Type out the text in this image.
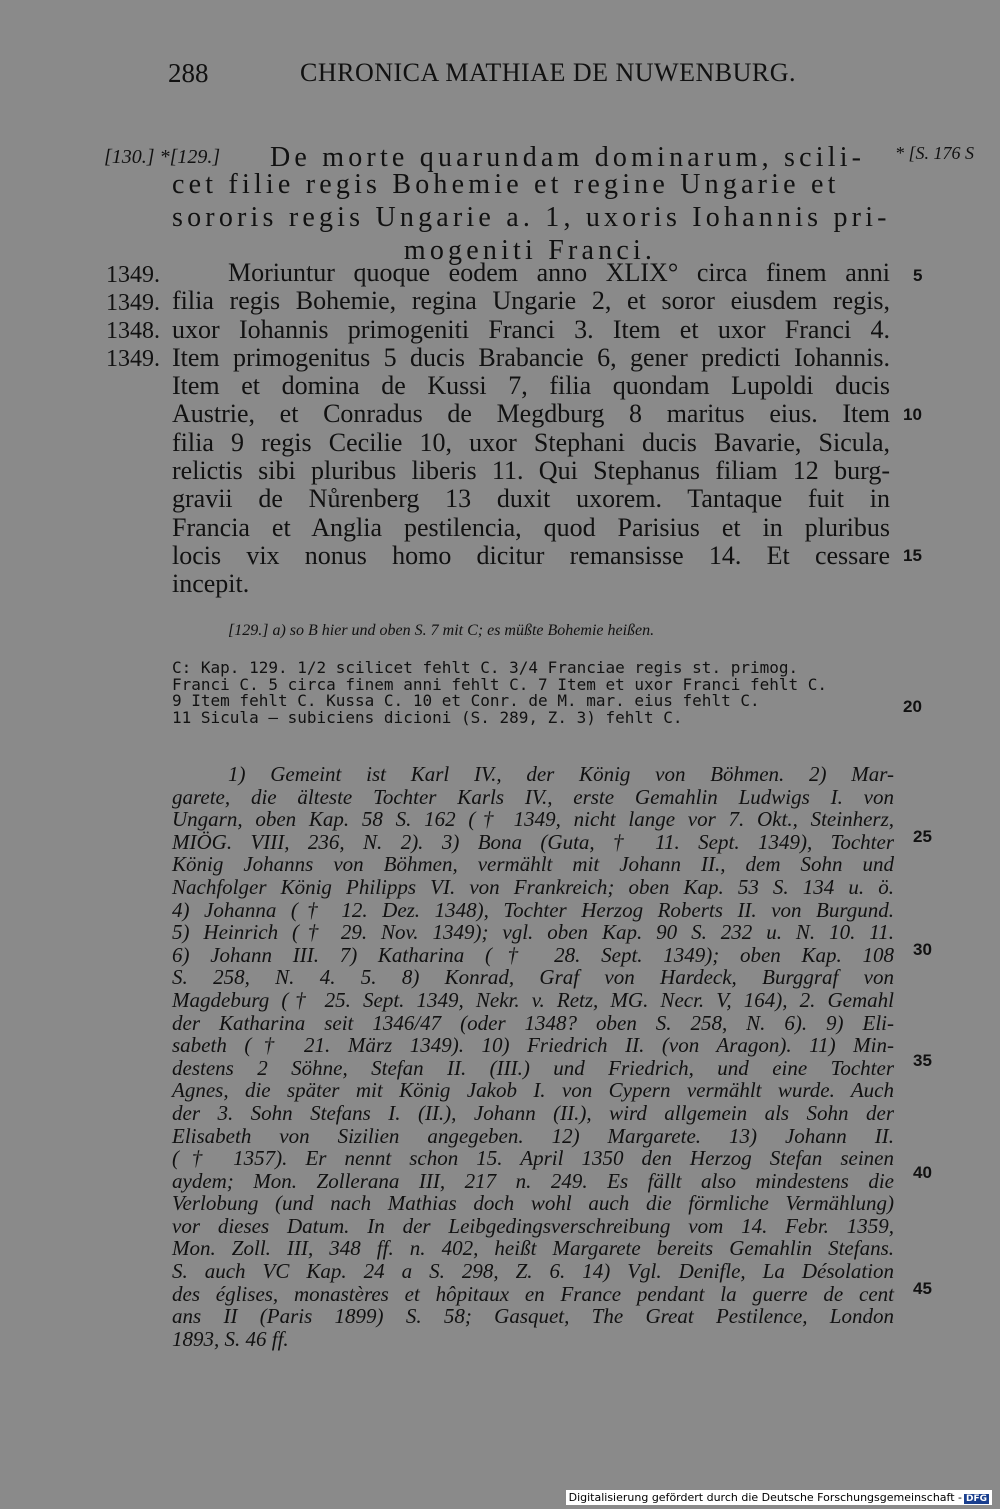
288	CHRONICA MATHIAE DE NUWENBURG.
[130.] *[129.]	* [S. 176 S
De morte quarundam dominarum, scili-
cet filie regis Bohemie et regine Ungarie et
sororis regis Ungarie a. 1, uxoris Iohannis pri-
mogeniti Franci.
Moriuntur quoque eodem anno XLIX° circa finem anni
filia regis Bohemie, regina Ungarie 2, et soror eiusdem regis,
uxor Iohannis primogeniti Franci 3. Item et uxor Franci 4.
Item primogenitus 5 ducis Brabancie 6, gener predicti Iohannis.
Item et domina de Kussi 7, filia quondam Lupoldi ducis
Austrie, et Conradus de Megdburg 8 maritus eius. Item
filia 9 regis Cecilie 10, uxor Stephani ducis Bavarie, Sicula,
relictis sibi pluribus liberis 11. Qui Stephanus filiam 12 burg-
gravii de Nůrenberg 13 duxit uxorem. Tantaque fuit in
Francia et Anglia pestilencia, quod Parisius et in pluribus
locis vix nonus homo dicitur remansisse 14. Et cessare
incepit.
1349.
1349.
1348.
1349.
5
10
15
[129.] a) so B hier und oben S. 7 mit C; es müßte Bohemie heißen.
C: Kap. 129. 1/2 scilicet fehlt C. 3/4 Franciae regis st. primog.
Franci C. 5 circa finem anni fehlt C. 7 Item et uxor Franci fehlt C.
9 Item fehlt C. Kussa C. 10 et Conr. de M. mar. eius fehlt C.
11 Sicula — subiciens dicioni (S. 289, Z. 3) fehlt C.
20
1) Gemeint ist Karl IV., der König von Böhmen. 2) Mar-
garete, die älteste Tochter Karls IV., erste Gemahlin Ludwigs I. von
Ungarn, oben Kap. 58 S. 162 († 1349, nicht lange vor 7. Okt., Steinherz,
MIÖG. VIII, 236, N. 2). 3) Bona (Guta, † 11. Sept. 1349), Tochter
König Johanns von Böhmen, vermählt mit Johann II., dem Sohn und
Nachfolger König Philipps VI. von Frankreich; oben Kap. 53 S. 134 u. ö.
4) Johanna († 12. Dez. 1348), Tochter Herzog Roberts II. von Burgund.
5) Heinrich († 29. Nov. 1349); vgl. oben Kap. 90 S. 232 u. N. 10. 11.
6) Johann III. 7) Katharina († 28. Sept. 1349); oben Kap. 108
S. 258, N. 4. 5. 8) Konrad, Graf von Hardeck, Burggraf von
Magdeburg († 25. Sept. 1349, Nekr. v. Retz, MG. Necr. V, 164), 2. Gemahl
der Katharina seit 1346/47 (oder 1348? oben S. 258, N. 6). 9) Eli-
sabeth († 21. März 1349). 10) Friedrich II. (von Aragon). 11) Min-
destens 2 Söhne, Stefan II. (III.) und Friedrich, und eine Tochter
Agnes, die später mit König Jakob I. von Cypern vermählt wurde. Auch
der 3. Sohn Stefans I. (II.), Johann (II.), wird allgemein als Sohn der
Elisabeth von Sizilien angegeben. 12) Margarete. 13) Johann II.
(† 1357). Er nennt schon 15. April 1350 den Herzog Stefan seinen
aydem; Mon. Zollerana III, 217 n. 249. Es fällt also mindestens die
Verlobung (und nach Mathias doch wohl auch die förmliche Vermählung)
vor dieses Datum. In der Leibgedingsverschreibung vom 14. Febr. 1359,
Mon. Zoll. III, 348 ff. n. 402, heißt Margarete bereits Gemahlin Stefans.
S. auch VC Kap. 24 a S. 298, Z. 6. 14) Vgl. Denifle, La Désolation
des églises, monastères et hôpitaux en France pendant la guerre de cent
ans II (Paris 1899) S. 58; Gasquet, The Great Pestilence, London
1893, S. 46 ff.
25
30
35
40
45
Digitalisierung gefördert durch die Deutsche Forschungsgemeinschaft - DFG
